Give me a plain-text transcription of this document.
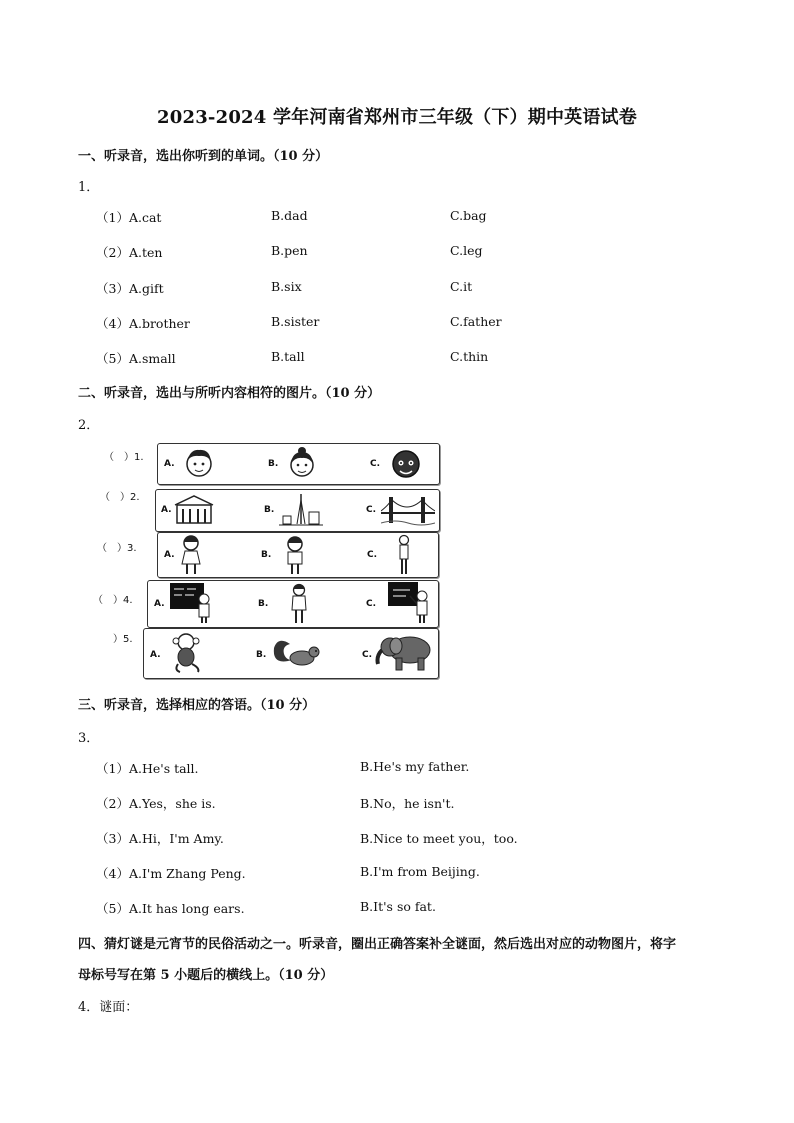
2023-2024 学年河南省郑州市三年级（下）期中英语试卷
一、听录音，选出你听到的单词。（10 分）
1．
（1）A.cat	B.dad	C.bag
（2）A.ten	B.pen	C.leg
（3）A.gift	B.six	C.it
（4）A.brother	B.sister	C.father
（5）A.small	B.tall	C.thin
二、听录音，选出与所听内容相符的图片。（10 分）
2．
（　）1.
A.	B.	C.
（　）2.
A.	B.	C.
（　）3.
A.	B.	C.
（　）4. A.	B.	C.
）5.
A.	B.	C.
三、听录音，选择相应的答语。（10 分）
3．
（1）A.He's tall.	B.He's my father.
（2）A.Yes，she is.	B.No，he isn't.
（3）A.Hi，I'm Amy.	B.Nice to meet you，too.
（4）A.I'm Zhang Peng.	B.I'm from Beijing.
（5）A.It has long ears.	B.It's so fat.
四、猜灯谜是元宵节的民俗活动之一。听录音，圈出正确答案补全谜面，然后选出对应的动物图片，将字
母标号写在第 5 小题后的横线上。（10 分）
4．谜面：
